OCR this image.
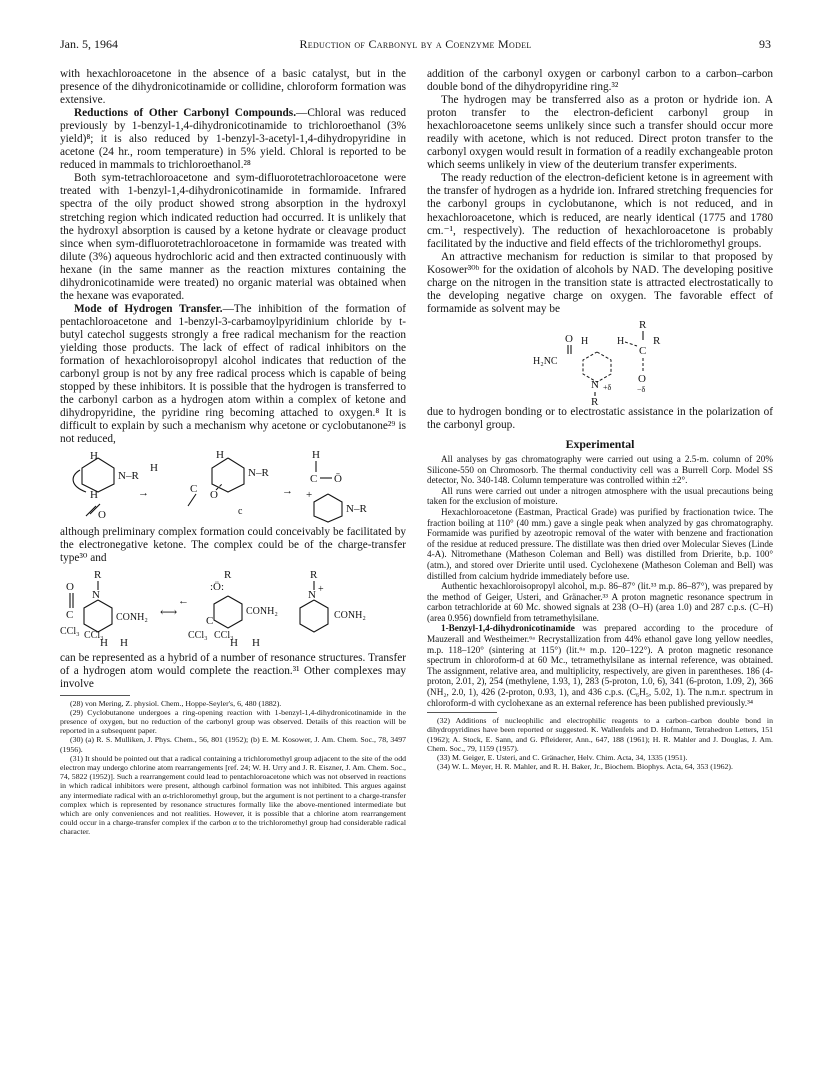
Jan. 5, 1964	Reduction of Carbonyl by a Coenzyme Model	93

with hexachloroacetone in the absence of a basic catalyst, but in the presence of the dihydronicotinamide or collidine, chloroform formation was extensive.

Reductions of Other Carbonyl Compounds.—Chloral was reduced previously by 1-benzyl-1,4-dihydronicotinamide to trichloroethanol (3% yield)⁸; it is also reduced by 1-benzyl-3-acetyl-1,4-dihydropyridine in acetone (24 hr., room temperature) in 5% yield. Chloral is reported to be reduced in mammals to trichloroethanol.²⁸

Both sym-tetrachloroacetone and sym-difluorotetrachloroacetone were treated with 1-benzyl-1,4-dihydronicotinamide in formamide. Infrared spectra of the oily product showed strong absorption in the hydroxyl stretching region which indicated reduction had occurred. It is unlikely that the hydroxyl absorption is caused by a ketone hydrate or cleavage product since when sym-difluorotetrachloroacetone in formamide was treated with dilute (3%) aqueous hydrochloric acid and then extracted continuously with hexane (in the same manner as the reaction mixtures containing the dihydronicotinamide were treated) no organic material was obtained when the hexane was evaporated.

Mode of Hydrogen Transfer.—The inhibition of the formation of pentachloroacetone and 1-benzyl-3-carbamoylpyridinium chloride by t-butyl catechol suggests strongly a free radical mechanism for the reaction yielding those products. The lack of effect of radical inhibitors on the formation of hexachloroisopropyl alcohol indicates that reduction of the carbonyl group is not by any free radical process which is capable of being stopped by these inhibitors. It is possible that the hydrogen is transferred to the carbonyl carbon as a hydrogen atom within a complex of ketone and dihydropyridine, the pyridine ring becoming attached to oxygen.⁸ It is difficult to explain by such a mechanism why acetone or cyclobutanone²⁹ is not reduced,

H
N–R
H
H
O
→
H
N–R
C O
c
→
H
C Ō
+
N–R

although preliminary complex formation could conceivably be facilitated by the electronegative ketone. The complex could be of the charge-transfer type³⁰ and

R
N
O
C
CCl₃ CCl₃
H H
CONH₂ ⟷
←
R
:Ö:
C
CCl₃ CCl₃
H H
CONH₂
R
N +
CONH₂

can be represented as a hybrid of a number of resonance structures. Transfer of a hydrogen atom would complete the reaction.³¹ Other complexes may involve

(28) von Mering, Z. physiol. Chem., Hoppe-Seyler's, 6, 480 (1882).

(29) Cyclobutanone undergoes a ring-opening reaction with 1-benzyl-1,4-dihydronicotinamide in the presence of oxygen, but no reduction of the carbonyl group was observed. Details of this reaction will be reported in a subsequent paper.

(30) (a) R. S. Mulliken, J. Phys. Chem., 56, 801 (1952); (b) E. M. Kosower, J. Am. Chem. Soc., 78, 3497 (1956).

(31) It should be pointed out that a radical containing a trichloromethyl group adjacent to the site of the odd electron may undergo chlorine atom rearrangements [ref. 24; W. H. Urry and J. R. Eiszner, J. Am. Chem. Soc., 74, 5822 (1952)]. Such a rearrangement could lead to pentachloroacetone which was not observed in reactions in which radical inhibitors were present, although carbinol formation was not inhibited. This argues against any intermediate radical with an α-trichloromethyl group, but the argument is not pertinent to a charge-transfer complex which is represented by resonance structures formally like the above-mentioned intermediate but which are only conveniences and not realities. However, it is possible that a chlorine atom rearrangement could occur in a charge-transfer complex if the carbon α to the trichloromethyl group had considerable radical character.

addition of the carbonyl oxygen or carbonyl carbon to a carbon–carbon double bond of the dihydropyridine ring.³²

The hydrogen may be transferred also as a proton or hydride ion. A proton transfer to the electron-deficient carbonyl group in hexachloroacetone seems unlikely since such a transfer should occur more readily with acetone, which is not reduced. Direct proton transfer to the carbonyl oxygen would result in formation of a readily exchangeable proton which seems unlikely in view of the deuterium transfer experiments.

The ready reduction of the electron-deficient ketone is in agreement with the transfer of hydrogen as a hydride ion. Infrared stretching frequencies for the carbonyl groups in cyclobutanone, which is not reduced, and in hexachloroacetone, which is reduced, are nearly identical (1775 and 1780 cm.⁻¹, respectively). The reduction of hexachloroacetone is probably facilitated by the inductive and field effects of the trichloromethyl groups.

An attractive mechanism for reduction is similar to that proposed by Kosower³⁰ᵇ for the oxidation of alcohols by NAD. The developing positive charge on the nitrogen in the transition state is attracted electrostatically to the developing negative charge on oxygen. The favorable effect of formamide as solvent may be

R
O H
H₂NC
H	R
C
O
N +δ	−δ
R

due to hydrogen bonding or to electrostatic assistance in the polarization of the carbonyl group.

Experimental

All analyses by gas chromatography were carried out using a 2.5-m. column of 20% Silicone-550 on Chromosorb. The thermal conductivity cell was a Burrell Corp. Model SS detector, No. 340-148. Column temperature was controlled within ±2°.

All runs were carried out under a nitrogen atmosphere with the usual precautions being taken for the exclusion of moisture.

Hexachloroacetone (Eastman, Practical Grade) was purified by fractionation twice. The fraction boiling at 110° (40 mm.) gave a single peak when analyzed by gas chromatography. Formamide was purified by azeotropic removal of the water with benzene and fractionation of the residue at reduced pressure. The distillate was then dried over Molecular Sieves (Linde 4-A). Nitromethane (Matheson Coleman and Bell) was distilled from Drierite, b.p. 100° (atm.), and stored over Drierite until used. Cyclohexene (Matheson Coleman and Bell) was distilled from calcium hydride immediately before use.

Authentic hexachloroisopropyl alcohol, m.p. 86–87° (lit.³³ m.p. 86–87°), was prepared by the method of Geiger, Usteri, and Gränacher.³³ A proton magnetic resonance spectrum in carbon tetrachloride at 60 Mc. showed signals at 238 (O–H) (area 1.0) and 287 c.p.s. (C–H) (area 0.956) downfield from tetramethylsilane.

1-Benzyl-1,4-dihydronicotinamide was prepared according to the procedure of Mauzerall and Westheimer.⁶ᵃ Recrystallization from 44% ethanol gave long yellow needles, m.p. 118–120° (sintering at 115°) (lit.⁶ᵃ m.p. 120–122°). A proton magnetic resonance spectrum in chloroform-d at 60 Mc., tetramethylsilane as internal reference, was obtained. The assignment, relative area, and multiplicity, respectively, are given in parentheses. 186 (4-proton, 2.01, 2), 254 (methylene, 1.93, 1), 283 (5-proton, 1.0, 6), 341 (6-proton, 1.09, 2), 366 (NH₂, 2.0, 1), 426 (2-proton, 0.93, 1), and 436 c.p.s. (C₆H₅, 5.02, 1). The n.m.r. spectrum in chloroform-d with cyclohexane as an external reference has been published previously.³⁴

(32) Additions of nucleophilic and electrophilic reagents to a carbon–carbon double bond in dihydropyridines have been reported or suggested. K. Wallenfels and D. Hofmann, Tetrahedron Letters, 151 (1962); A. Stock, E. Sann, and G. Pfleiderer, Ann., 647, 188 (1961); H. R. Mahler and J. Douglas, J. Am. Chem. Soc., 79, 1159 (1957).

(33) M. Geiger, E. Usteri, and C. Gränacher, Helv. Chim. Acta, 34, 1335 (1951).

(34) W. L. Meyer, H. R. Mahler, and R. H. Baker, Jr., Biochem. Biophys. Acta, 64, 353 (1962).
